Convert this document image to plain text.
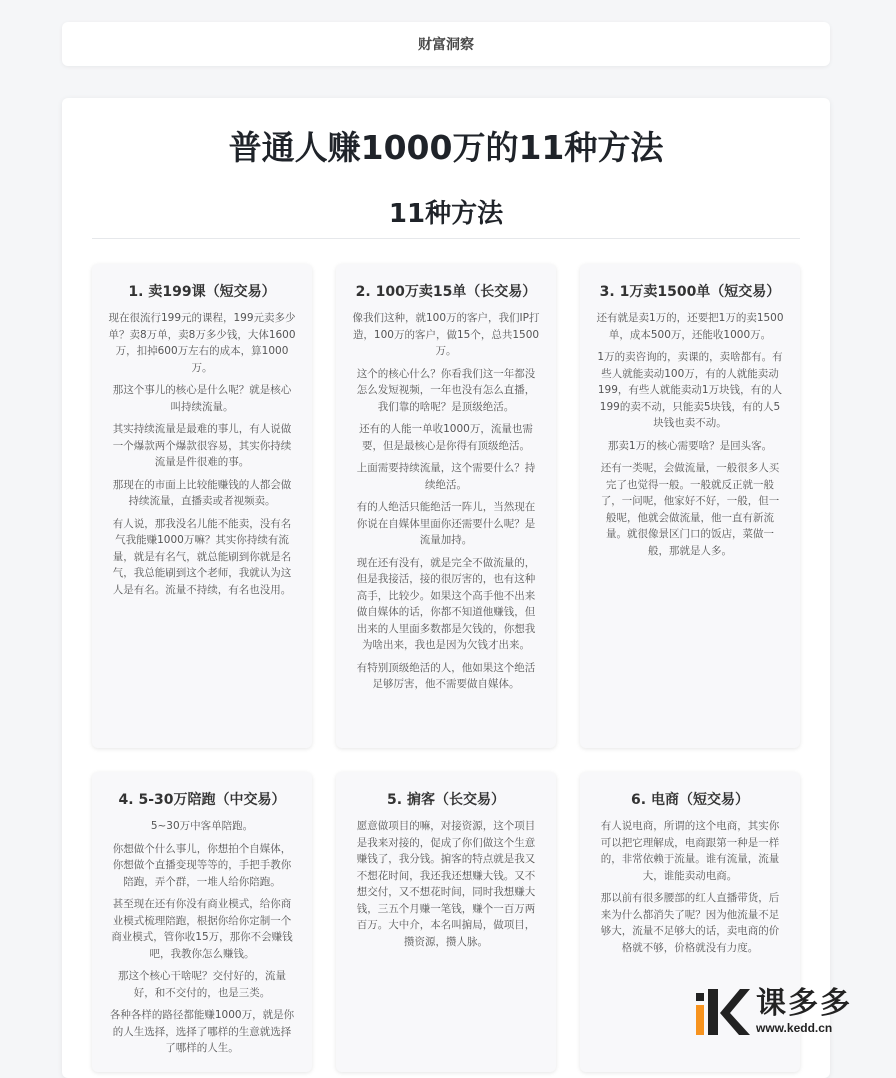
财富洞察
普通人赚1000万的11种方法
11种方法
1. 卖199课（短交易）

现在很流行199元的课程，199元卖多少单？卖8万单，卖8万多少钱，大体1600万，扣掉600万左右的成本，算1000万。

那这个事儿的核心是什么呢？就是核心叫持续流量。

其实持续流量是最难的事儿，有人说做一个爆款两个爆款很容易，其实你持续流量是件很难的事。

那现在的市面上比较能赚钱的人都会做持续流量，直播卖或者视频卖。

有人说，那我没名儿能不能卖，没有名气我能赚1000万嘛？其实你持续有流量，就是有名气，就总能刷到你就是名气，我总能刷到这个老师，我就认为这人是有名。流量不持续，有名也没用。

2. 100万卖15单（长交易）

像我们这种，就100万的客户，我们IP打造，100万的客户，做15个，总共1500万。

这个的核心什么？你看我们这一年都没怎么发短视频，一年也没有怎么直播，我们靠的啥呢？是顶级绝活。

还有的人能一单收1000万，流量也需要，但是最核心是你得有顶级绝活。

上面需要持续流量，这个需要什么？持续绝活。

有的人绝活只能绝活一阵儿，当然现在你说在自媒体里面你还需要什么呢？是流量加持。

现在还有没有，就是完全不做流量的，但是我接活，接的很厉害的，也有这种高手，比较少。如果这个高手他不出来做自媒体的话，你都不知道他赚钱，但出来的人里面多数都是欠钱的，你想我为啥出来，我也是因为欠钱才出来。

有特别顶级绝活的人，他如果这个绝活足够厉害，他不需要做自媒体。

3. 1万卖1500单（短交易）

还有就是卖1万的，还要把1万的卖1500单，成本500万，还能收1000万。

1万的卖咨询的，卖课的，卖啥都有。有些人就能卖动100万，有的人就能卖动199，有些人就能卖动1万块钱，有的人199的卖不动，只能卖5块钱，有的人5块钱也卖不动。

那卖1万的核心需要啥？是回头客。

还有一类呢，会做流量，一般很多人买完了也觉得一般。一般就反正就一般了，一问呢，他家好不好，一般，但一般呢，他就会做流量，他一直有新流量。就很像景区门口的饭店，菜做一般，那就是人多。

4. 5-30万陪跑（中交易）

5~30万中客单陪跑。

你想做个什么事儿，你想拍个自媒体，你想做个直播变现等等的，手把手教你陪跑，弄个群，一堆人给你陪跑。

甚至现在还有你没有商业模式，给你商业模式梳理陪跑，根据你给你定制一个商业模式，管你收15万，那你不会赚钱吧，我教你怎么赚钱。

那这个核心干啥呢？交付好的，流量好，和不交付的，也是三类。

各种各样的路径都能赚1000万，就是你的人生选择，选择了哪样的生意就选择了哪样的人生。

5. 掮客（长交易）

愿意做项目的嘛，对接资源，这个项目是我来对接的，促成了你们做这个生意赚钱了，我分钱。掮客的特点就是我又不想花时间，我还我还想赚大钱。又不想交付，又不想花时间，同时我想赚大钱，三五个月赚一笔钱，赚个一百万两百万。大中介，本名叫掮局，做项目，攒资源，攒人脉。

6. 电商（短交易）

有人说电商，所谓的这个电商，其实你可以把它理解成，电商跟第一种是一样的，非常依赖于流量。谁有流量，流量大，谁能卖动电商。

那以前有很多腰部的红人直播带货，后来为什么都消失了呢？因为他流量不足够大，流量不足够大的话，卖电商的价格就不够，价格就没有力度。

课多多
www.kedd.cn
